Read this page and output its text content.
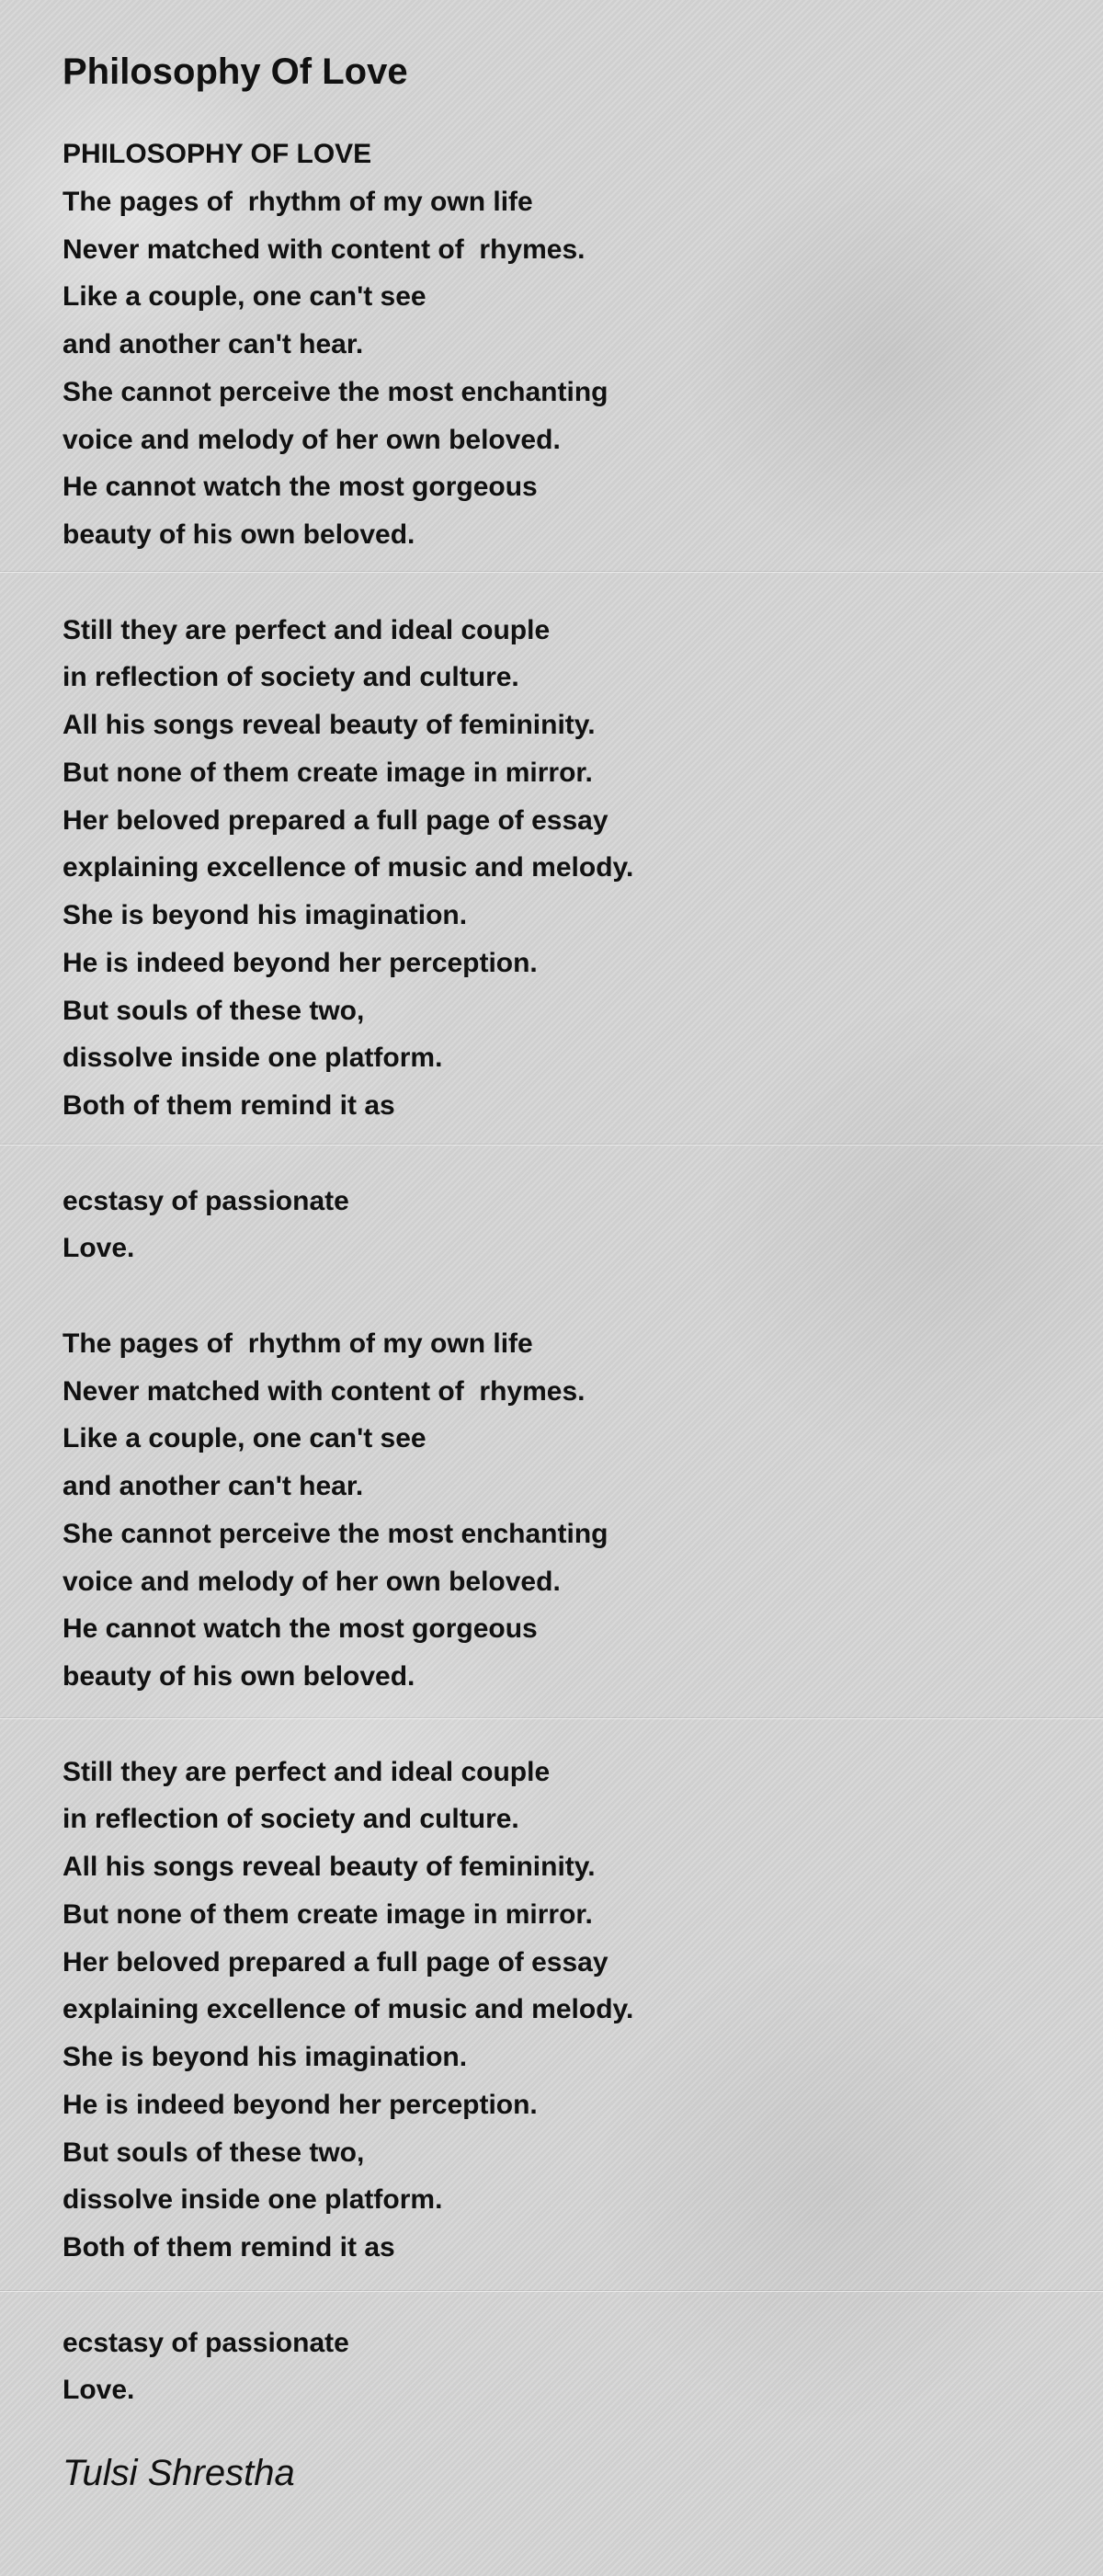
Philosophy Of Love
PHILOSOPHY OF LOVE
The pages of  rhythm of my own life
Never matched with content of  rhymes.
Like a couple, one can't see
and another can't hear.
She cannot perceive the most enchanting
voice and melody of her own beloved.
He cannot watch the most gorgeous
beauty of his own beloved.
Still they are perfect and ideal couple
in reflection of society and culture.
All his songs reveal beauty of femininity.
But none of them create image in mirror.
Her beloved prepared a full page of essay
explaining excellence of music and melody.
She is beyond his imagination.
He is indeed beyond her perception.
But souls of these two,
dissolve inside one platform.
Both of them remind it as
ecstasy of passionate
Love.
The pages of  rhythm of my own life
Never matched with content of  rhymes.
Like a couple, one can't see
and another can't hear.
She cannot perceive the most enchanting
voice and melody of her own beloved.
He cannot watch the most gorgeous
beauty of his own beloved.
Still they are perfect and ideal couple
in reflection of society and culture.
All his songs reveal beauty of femininity.
But none of them create image in mirror.
Her beloved prepared a full page of essay
explaining excellence of music and melody.
She is beyond his imagination.
He is indeed beyond her perception.
But souls of these two,
dissolve inside one platform.
Both of them remind it as
ecstasy of passionate
Love.
Tulsi Shrestha
